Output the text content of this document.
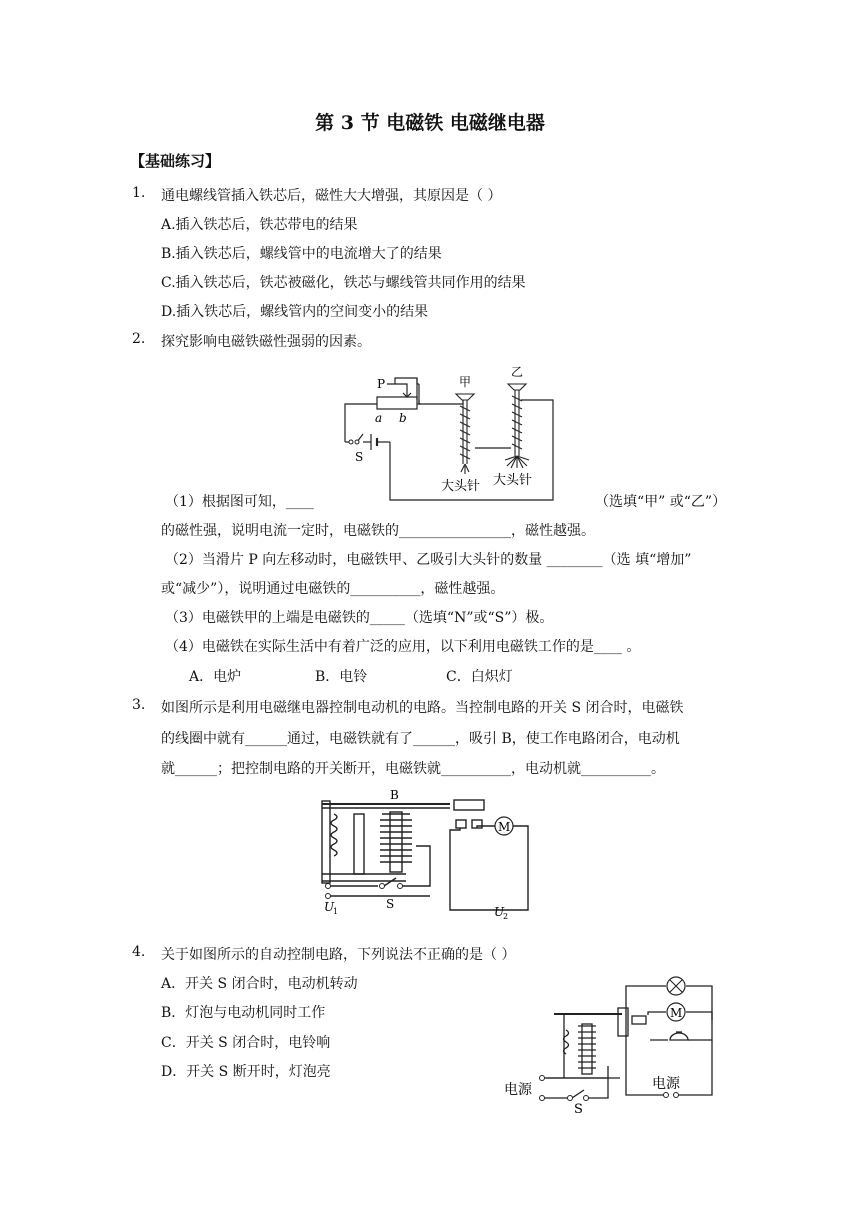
第 3 节 电磁铁 电磁继电器
【基础练习】
1. 通电螺线管插入铁芯后，磁性大大增强，其原因是（ ）
A.插入铁芯后，铁芯带电的结果
B.插入铁芯后，螺线管中的电流增大了的结果
C.插入铁芯后，铁芯被磁化，铁芯与螺线管共同作用的结果
D.插入铁芯后，螺线管内的空间变小的结果
2. 探究影响电磁铁磁性强弱的因素。
P
a b
S
甲
乙
大头针 大头针
（1）根据图可知，____	（选填“甲” 或“乙”）
的磁性强，说明电流一定时，电磁铁的________________，磁性越强。
（2）当滑片 P 向左移动时，电磁铁甲、乙吸引大头针的数量 ________（选 填“增加”
或“减少”），说明通过电磁铁的__________，磁性越强。
（3）电磁铁甲的上端是电磁铁的_____（选填“N”或“S”）极。
（4）电磁铁在实际生活中有着广泛的应用，以下利用电磁铁工作的是____ 。
A．电炉	B．电铃	C．白炽灯
3. 如图所示是利用电磁继电器控制电动机的电路。当控制电路的开关 S 闭合时，电磁铁
的线圈中就有______通过，电磁铁就有了______，吸引 B，使工作电路闭合，电动机
就______；把控制电路的开关断开，电磁铁就__________，电动机就__________。
M
B
S
U
1	U
2
4. 关于如图所示的自动控制电路，下列说法不正确的是（ ）
A．开关 S 闭合时，电动机转动
B．灯泡与电动机同时工作
C．开关 S 闭合时，电铃响
D．开关 S 断开时，灯泡亮
M
电源	电源
S
